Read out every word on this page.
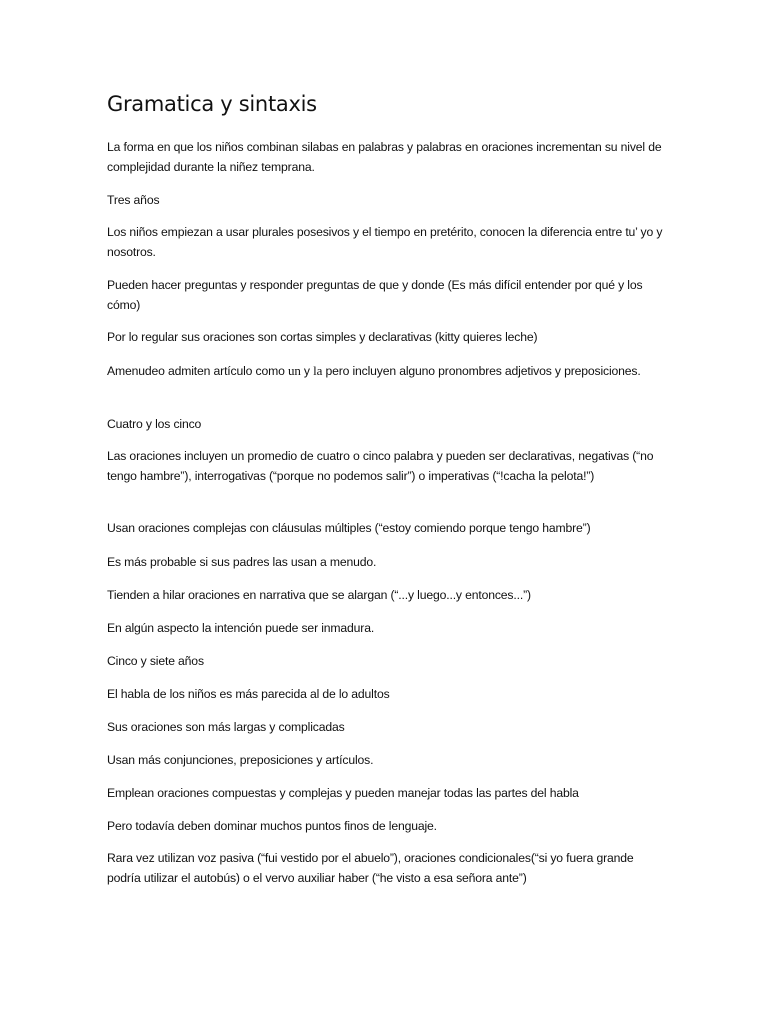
Gramatica y sintaxis

La forma en que los niños combinan silabas en palabras y palabras en oraciones incrementan su nivel de complejidad durante la niñez temprana.

Tres años

Los niños empiezan a usar plurales posesivos y el tiempo en pretérito, conocen la diferencia entre tu’ yo y nosotros.

Pueden hacer preguntas y responder preguntas de que y donde (Es más difícil entender por qué y los cómo)

Por lo regular sus oraciones son cortas simples y declarativas (kitty quieres leche)

Amenudeo admiten artículo como un y la pero incluyen alguno pronombres adjetivos y preposiciones.

Cuatro y los cinco

Las oraciones incluyen un promedio de cuatro o cinco palabra y pueden ser declarativas, negativas (“no tengo hambre”), interrogativas (“porque no podemos salir”) o imperativas (“!cacha la pelota!”)

Usan oraciones complejas con cláusulas múltiples (“estoy comiendo porque tengo hambre”)

Es más probable si sus padres las usan a menudo.

Tienden a hilar oraciones en narrativa que se alargan (“...y luego...y entonces...”)

En algún aspecto la intención puede ser inmadura.

Cinco y siete años

El habla de los niños es más parecida al de lo adultos

Sus oraciones son más largas y complicadas

Usan más conjunciones, preposiciones y artículos.

Emplean oraciones compuestas y complejas y pueden manejar todas las partes del habla

Pero todavía deben dominar muchos puntos finos de lenguaje.

Rara vez utilizan voz pasiva (“fui vestido por el abuelo”), oraciones condicionales(“si yo fuera grande podría utilizar el autobús) o el vervo auxiliar haber (“he visto a esa señora ante”)
